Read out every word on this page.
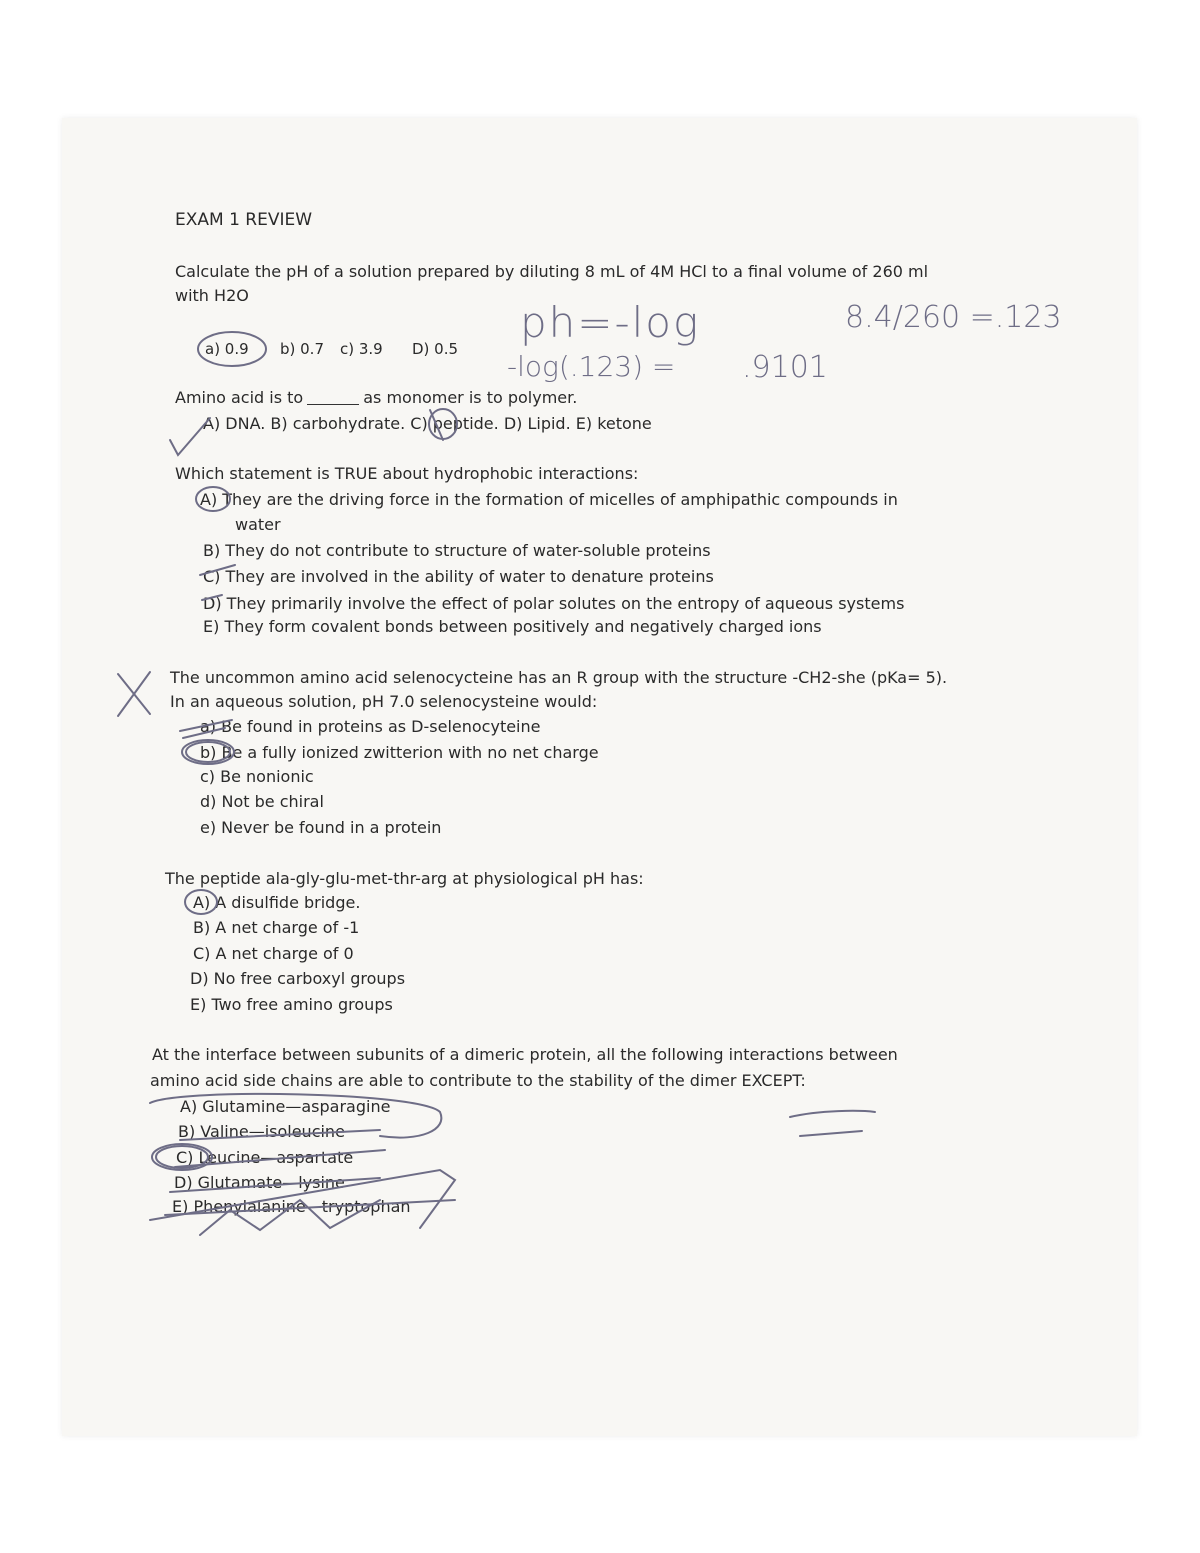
EXAM 1 REVIEW
Calculate the pH of a solution prepared by diluting 8 mL of 4M HCl to a final volume of 260 ml
with H2O
a) 0.9 b) 0.7 c) 3.9 D) 0.5
ph=-log
-log(.123) = .9101
8.4/260 =.123
Amino acid is to	as monomer is to polymer.
A) DNA. B) carbohydrate. C) peptide. D) Lipid. E) ketone
Which statement is TRUE about hydrophobic interactions:
A) They are the driving force in the formation of micelles of amphipathic compounds in
water
B) They do not contribute to structure of water-soluble proteins
C) They are involved in the ability of water to denature proteins
D) They primarily involve the effect of polar solutes on the entropy of aqueous systems
E) They form covalent bonds between positively and negatively charged ions
The uncommon amino acid selenocycteine has an R group with the structure -CH2-she (pKa= 5).
In an aqueous solution, pH 7.0 selenocysteine would:
a) Be found in proteins as D-selenocyteine
b) Be a fully ionized zwitterion with no net charge
c) Be nonionic
d) Not be chiral
e) Never be found in a protein
The peptide ala-gly-glu-met-thr-arg at physiological pH has:
A) A disulfide bridge.
B) A net charge of -1
C) A net charge of 0
D) No free carboxyl groups
E) Two free amino groups
At the interface between subunits of a dimeric protein, all the following interactions between
amino acid side chains are able to contribute to the stability of the dimer EXCEPT:
A) Glutamine—asparagine
B) Valine—isoleucine
C) Leucine—aspartate
D) Glutamate—lysine
E) Phenylalanine—tryptophan
